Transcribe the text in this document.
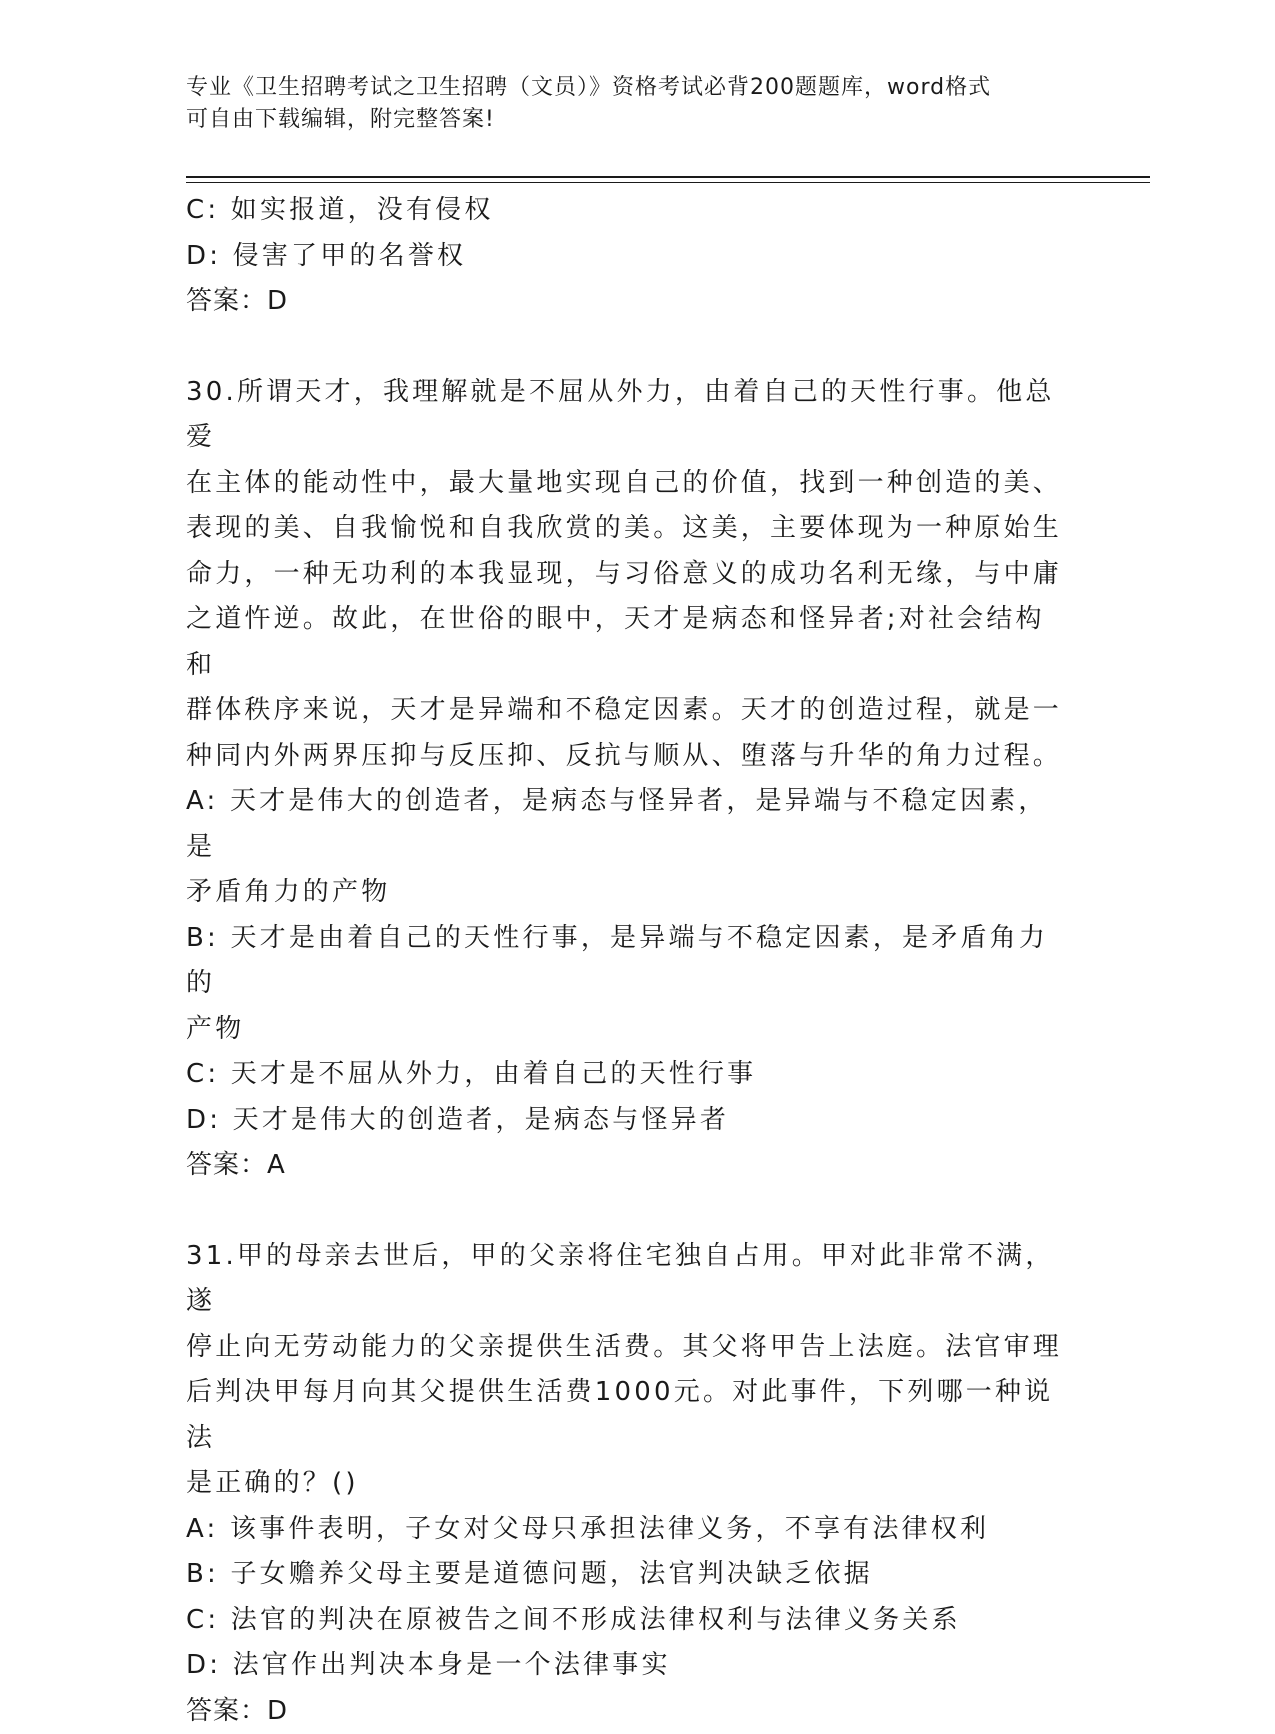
专业《卫生招聘考试之卫生招聘（文员）》资格考试必背200题题库，word格式
可自由下载编辑，附完整答案!

C: 如实报道，没有侵权

D: 侵害了甲的名誉权

答案：D

30.所谓天才，我理解就是不屈从外力，由着自己的天性行事。他总爱

在主体的能动性中，最大量地实现自己的价值，找到一种创造的美、

表现的美、自我愉悦和自我欣赏的美。这美，主要体现为一种原始生

命力，一种无功利的本我显现，与习俗意义的成功名利无缘，与中庸

之道忤逆。故此，在世俗的眼中，天才是病态和怪异者;对社会结构和

群体秩序来说，天才是异端和不稳定因素。天才的创造过程，就是一

种同内外两界压抑与反压抑、反抗与顺从、堕落与升华的角力过程。

A: 天才是伟大的创造者，是病态与怪异者，是异端与不稳定因素，是

矛盾角力的产物

B: 天才是由着自己的天性行事，是异端与不稳定因素，是矛盾角力的

产物

C: 天才是不屈从外力，由着自己的天性行事

D: 天才是伟大的创造者，是病态与怪异者

答案：A

31.甲的母亲去世后，甲的父亲将住宅独自占用。甲对此非常不满，遂

停止向无劳动能力的父亲提供生活费。其父将甲告上法庭。法官审理

后判决甲每月向其父提供生活费1000元。对此事件，下列哪一种说法

是正确的？()

A: 该事件表明，子女对父母只承担法律义务，不享有法律权利

B: 子女赡养父母主要是道德问题，法官判决缺乏依据

C: 法官的判决在原被告之间不形成法律权利与法律义务关系

D: 法官作出判决本身是一个法律事实

答案：D
